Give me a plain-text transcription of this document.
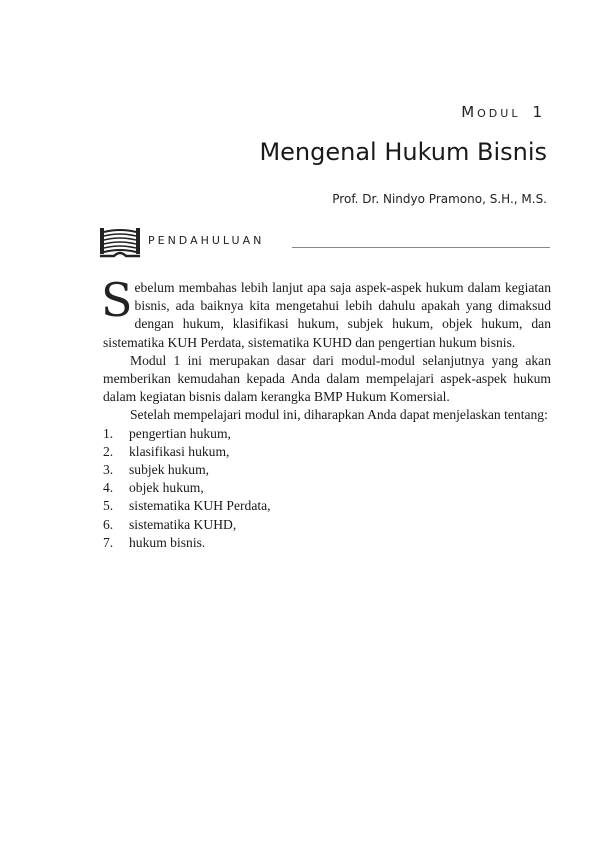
MODUL 1
Mengenal Hukum Bisnis
Prof. Dr. Nindyo Pramono, S.H., M.S.
PENDAHULUAN

Sebelum membahas lebih lanjut apa saja aspek-aspek hukum dalam kegiatan bisnis, ada baiknya kita mengetahui lebih dahulu apakah yang dimaksud dengan hukum, klasifikasi hukum, subjek hukum, objek hukum, dan sistematika KUH Perdata, sistematika KUHD dan pengertian hukum bisnis.

Modul 1 ini merupakan dasar dari modul-modul selanjutnya yang akan memberikan kemudahan kepada Anda dalam mempelajari aspek-aspek hukum dalam kegiatan bisnis dalam kerangka BMP Hukum Komersial.

Setelah mempelajari modul ini, diharapkan Anda dapat menjelaskan tentang:

1.	pengertian hukum,
2.	klasifikasi hukum,
3.	subjek hukum,
4.	objek hukum,
5.	sistematika KUH Perdata,
6.	sistematika KUHD,
7.	hukum bisnis.
